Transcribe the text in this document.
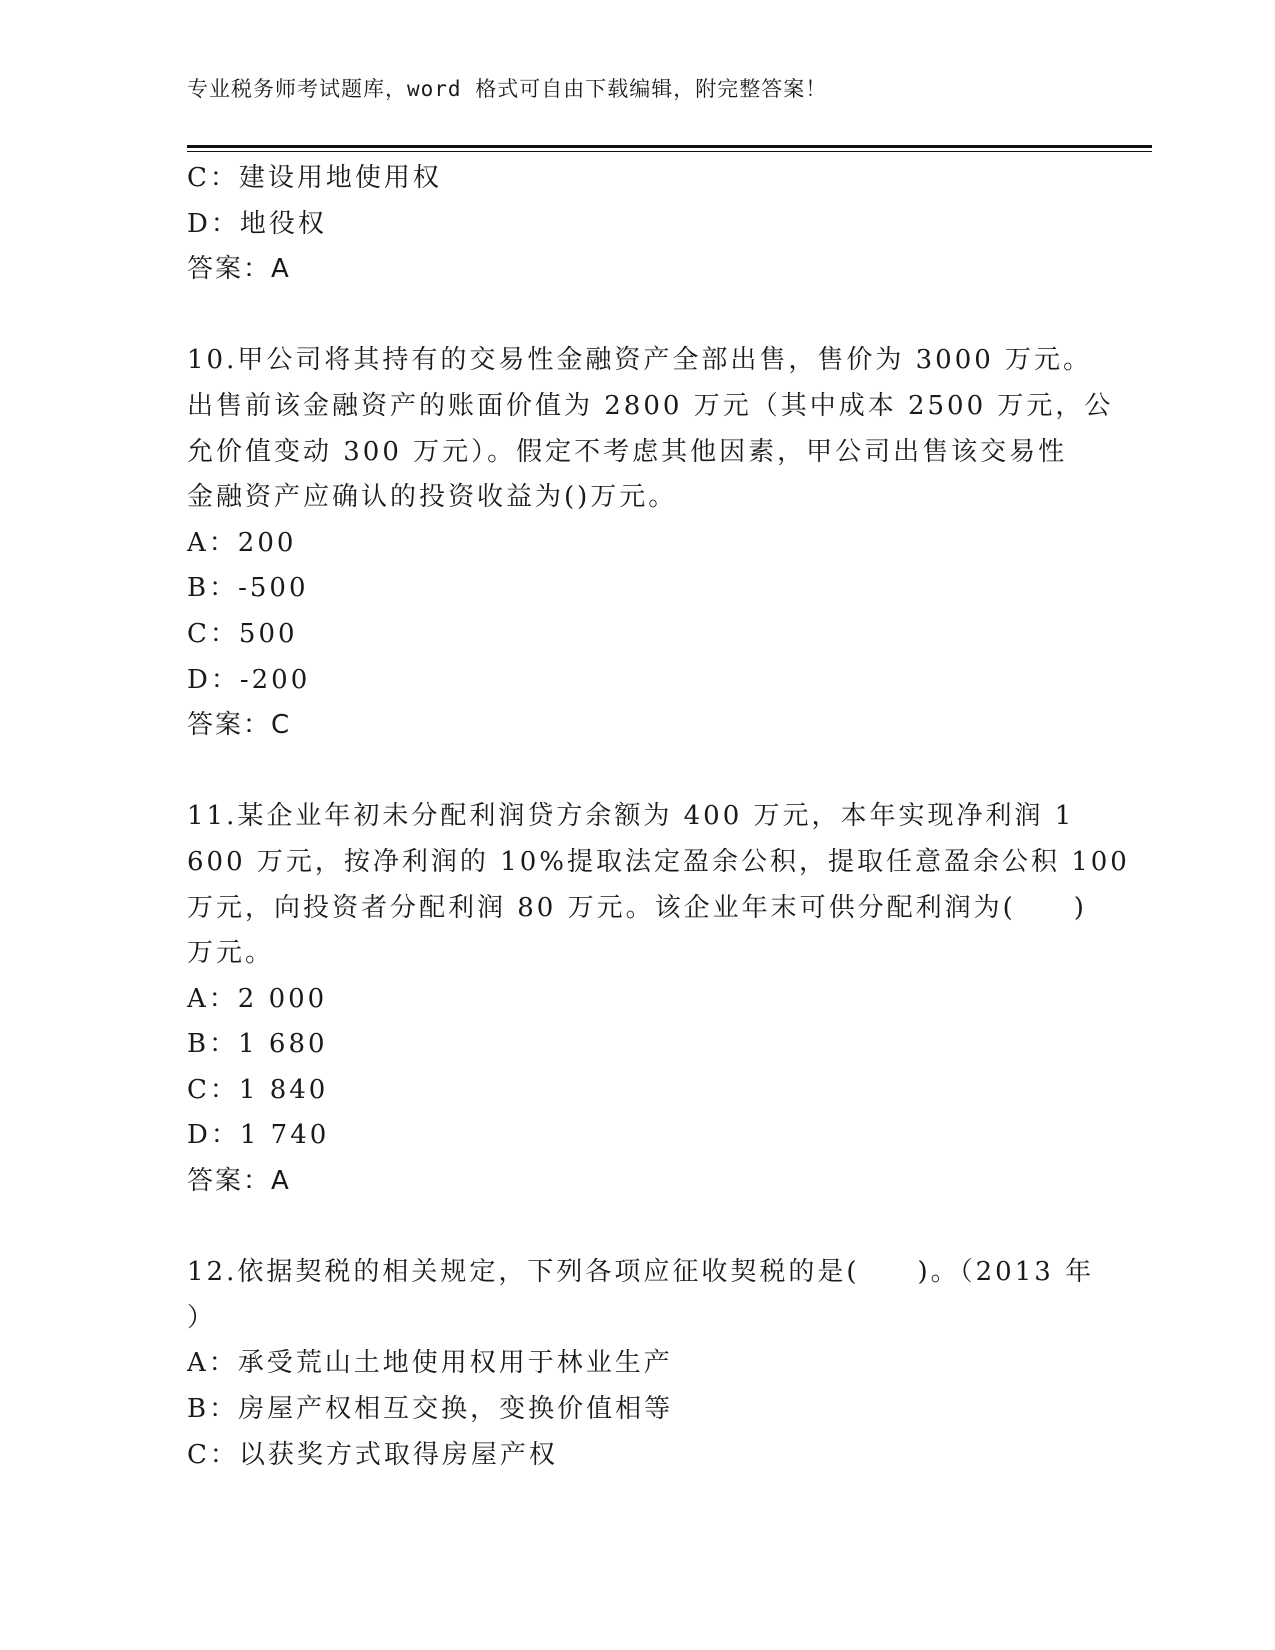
专业税务师考试题库，word 格式可自由下载编辑，附完整答案！
C：建设用地使用权
D：地役权
答案：A
10.甲公司将其持有的交易性金融资产全部出售，售价为 3000 万元。
出售前该金融资产的账面价值为 2800 万元（其中成本 2500 万元，公
允价值变动 300 万元）。假定不考虑其他因素，甲公司出售该交易性
金融资产应确认的投资收益为()万元。
A：200
B：-500
C：500
D：-200
答案：C
11.某企业年初未分配利润贷方余额为 400 万元，本年实现净利润 1
600 万元，按净利润的 10%提取法定盈余公积，提取任意盈余公积 100
万元，向投资者分配利润 80 万元。该企业年末可供分配利润为(　　)
万元。
A：2 000
B：1 680
C：1 840
D：1 740
答案：A
12.依据契税的相关规定，下列各项应征收契税的是(　　)。（2013 年
）
A：承受荒山土地使用权用于林业生产
B：房屋产权相互交换，变换价值相等
C：以获奖方式取得房屋产权
